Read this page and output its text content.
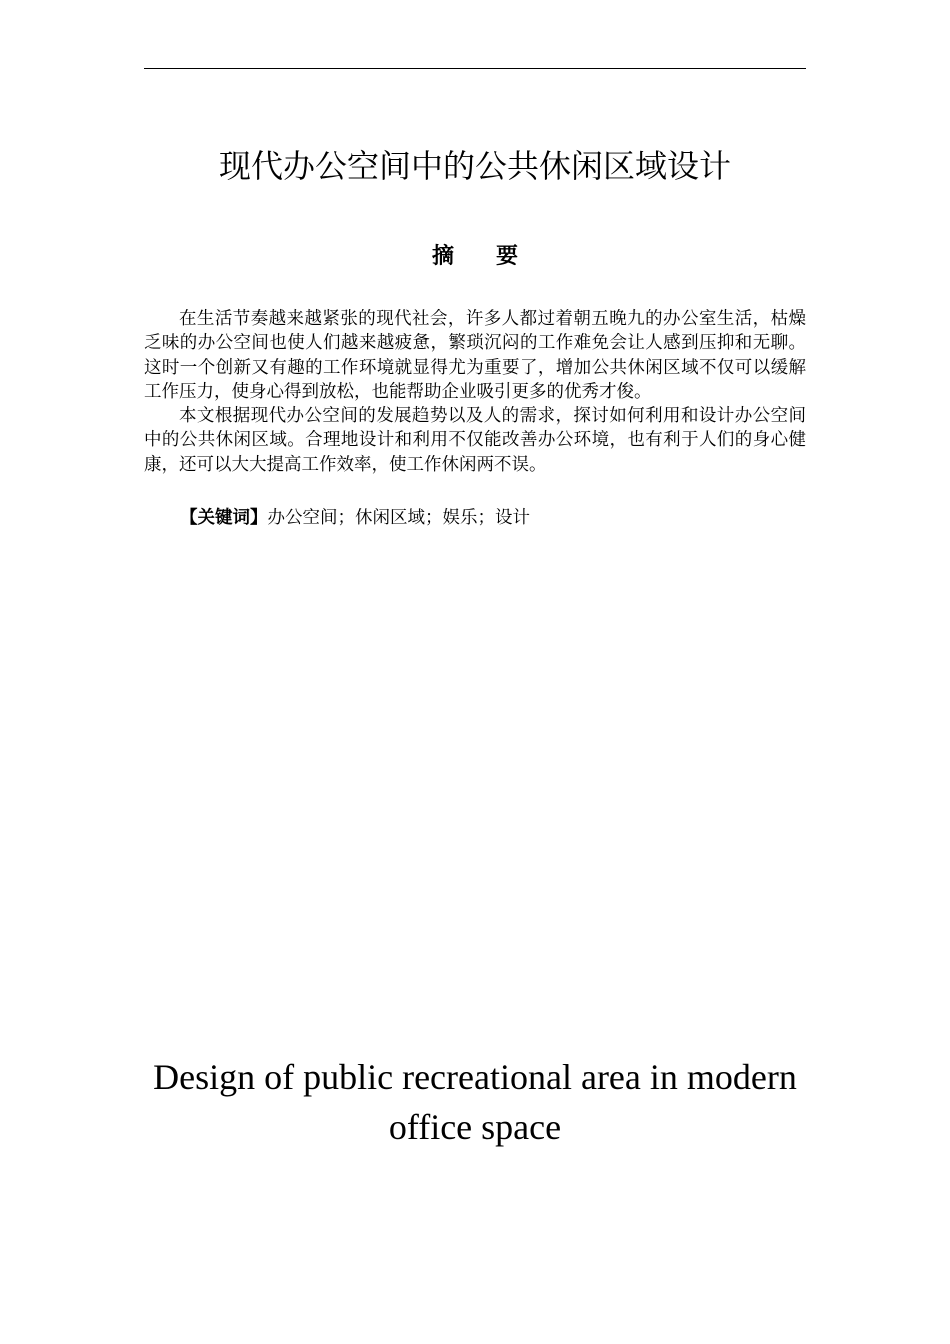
现代办公空间中的公共休闲区域设计
摘 要

在生活节奏越来越紧张的现代社会，许多人都过着朝五晚九的办公室生活，枯燥乏味的办公空间也使人们越来越疲惫，繁琐沉闷的工作难免会让人感到压抑和无聊。这时一个创新又有趣的工作环境就显得尤为重要了，增加公共休闲区域不仅可以缓解工作压力，使身心得到放松，也能帮助企业吸引更多的优秀才俊。

本文根据现代办公空间的发展趋势以及人的需求，探讨如何利用和设计办公空间中的公共休闲区域。合理地设计和利用不仅能改善办公环境，也有利于人们的身心健康，还可以大大提高工作效率，使工作休闲两不误。

【关键词】办公空间；休闲区域；娱乐；设计
Design of public recreational area in modern office space
